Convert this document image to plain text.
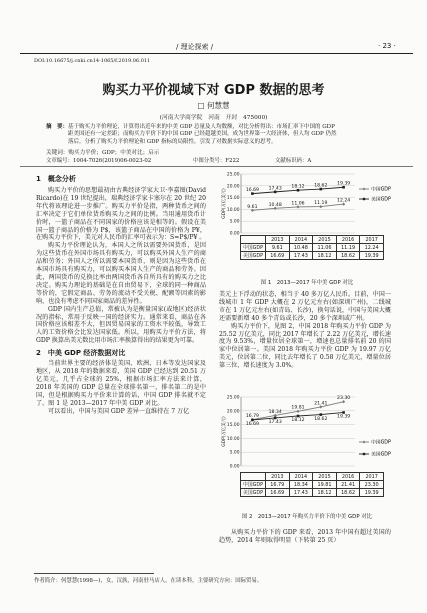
/ 理论探索 /	· 23 ·
DOI:10.16675/j.cnki.cn14-1065/f.2019.06.011
购买力平价视域下对 GDP 数据的思考
□ 何慧慧
(河南大学商学院　河南　开封　475000)
摘　要：基于购买力平价理论，计算得出近年来的中美 GDP 总量及人均数额，对比分析得出：市场汇率下中国的 GDP
距美国还有一定差距；而购买力平价下的中国 GDP 已经超越美国，成为世界第一大经济体，但人均 GDP 仍然
落后。分析了购买力平价理论和 GDP 指标的局限性，引发了对数据实际意义的思考。
关键词：购买力平价；GDP；中美对比；启示
文章编号：1004-7026(2019)06-0023-02	中图分类号：F222	文献标识码：A
1　概念分析

购买力平价的思想最初由古典经济学家大卫·李嘉图(David Ricardo)在 19 世纪提出，瑞典经济学家卡塞尔在 20 世纪 20 年代将该理论进一步推广。购买力平价是指，两种货币之间的汇率决定于它们单位货币购买力之间的比例。当用通用货币计价时，一篮子商品在不同国家的价格应该是相等的。假设在美国一篮子商品的价格为 P$，该篮子商品在中国的价格为 P¥，在购买力平价下，美元对人民币的汇率可表示为：S=P$/P¥ 。

购买力平价理论认为，本国人之所以需要外国货币，是因为这些货币在外国市场具有购买力，可以购买外国人生产的商品和劳务；外国人之所以需要本国货币，则是因为这些货币在本国市场具有购买力，可以购买本国人生产的商品和劳务。因此，两国货币的兑换比率由两国货币各自所具有的购买力之比决定。购买力理论的基础是在自由贸易下，全球的同一种商品等价的，它假定商品、劳务的流动不受关税、配额等因素的影响，也没有考虑不同国家商品的差异性。

GDP 国内生产总值，常被认为是衡量国家(或地区)经济状况的指标，常用于反映一国的经济实力。通常来看，商品在各国价格应该相差不大，但因贸易国家的工资水平较低，导致工人的工资价格会比发达国家低。所以，用购买力平价方法，将 GDP 换算出美元数比用市场汇率换算得出的结果更为可靠。

2　中美 GDP 经济数据对比

当前世界主要的经济体是美国、欧洲、日本等发达国家及地区，从 2018 年的数据来看，美国 GDP 已经达到 20.51 万亿美元，几乎占全球的 25%，根据市场汇率方法来计算，2018 年美国的 GDP 总量在全球排名第一，排名第二的是中国，但是根据购买力平价来计算的话，中国 GDP 排名就不定了。图 1 是 2013—2017 年中美 GDP 对比。

可以看出，中国与美国 GDP 差异一直维持在 7 万亿

25.00
20.00
15.00
10.00
5.00
0.00
GDP(万亿美元)	9.61 10.48 11.06 11.19 12.24
中国GDP
16.69 17.43 18.12 18.62 19.39
美国GDP
	2013	2014	2015	2016	2017
中国GDP	9.61	10.48	11.06	11.19	12.24
美国GDP	16.69	17.43	18.12	18.62	19.39
图 1　2013—2017 年中美 GDP 对比

美元上下浮动的状态，相当于 40 多万亿人民币。目前，中国一线城市 1 年 GDP 大概在 2 万亿元左右(如深圳广州)，二线城市在 1 万亿元左右(如青岛、长沙)，换句话说，中国与美国大概还需要新增 40 多个青岛或长沙，20 多个深圳或广州。

购买力平价下，见图 2，中国 2018 年购买力平价 GDP 为 25.52 万亿美元，同比 2017 年增长了 2.22 万亿美元，增长速度为 9.53%，增量位居全球第一，增速也总量排名前 20 的国家中位居第一。美国 2018 年购买力平价 GDP 为 19.97 万亿美元，位居第二位，同比去年增长了 0.58 万亿美元，增量位居第三位，增长速度为 3.0%。

25.00
20.00
15.00
10.00
5.00
0.00
GDP(万亿美元)	16.79
18.34
19.81
21.41
23.30
中国GDP
16.69 17.43 18.12 18.62 19.39
美国GDP
	2013	2014	2015	2016	2017
中国GDP	16.79	18.34	19.81	21.41	23.30
美国GDP	16.69	17.43	18.12	18.62	19.39
图 2　2013—2017 年购买力平价下的中美 GDP 对比

从购买力平价下的 GDP 来看，2013 年中国有超过美国的趋势，2014 年则取得明显（下转第 25 页）

作者简介：何慧慧(1998—)，女，汉族，河南驻马店人，在读本科，主要研究方向：国际贸易。
